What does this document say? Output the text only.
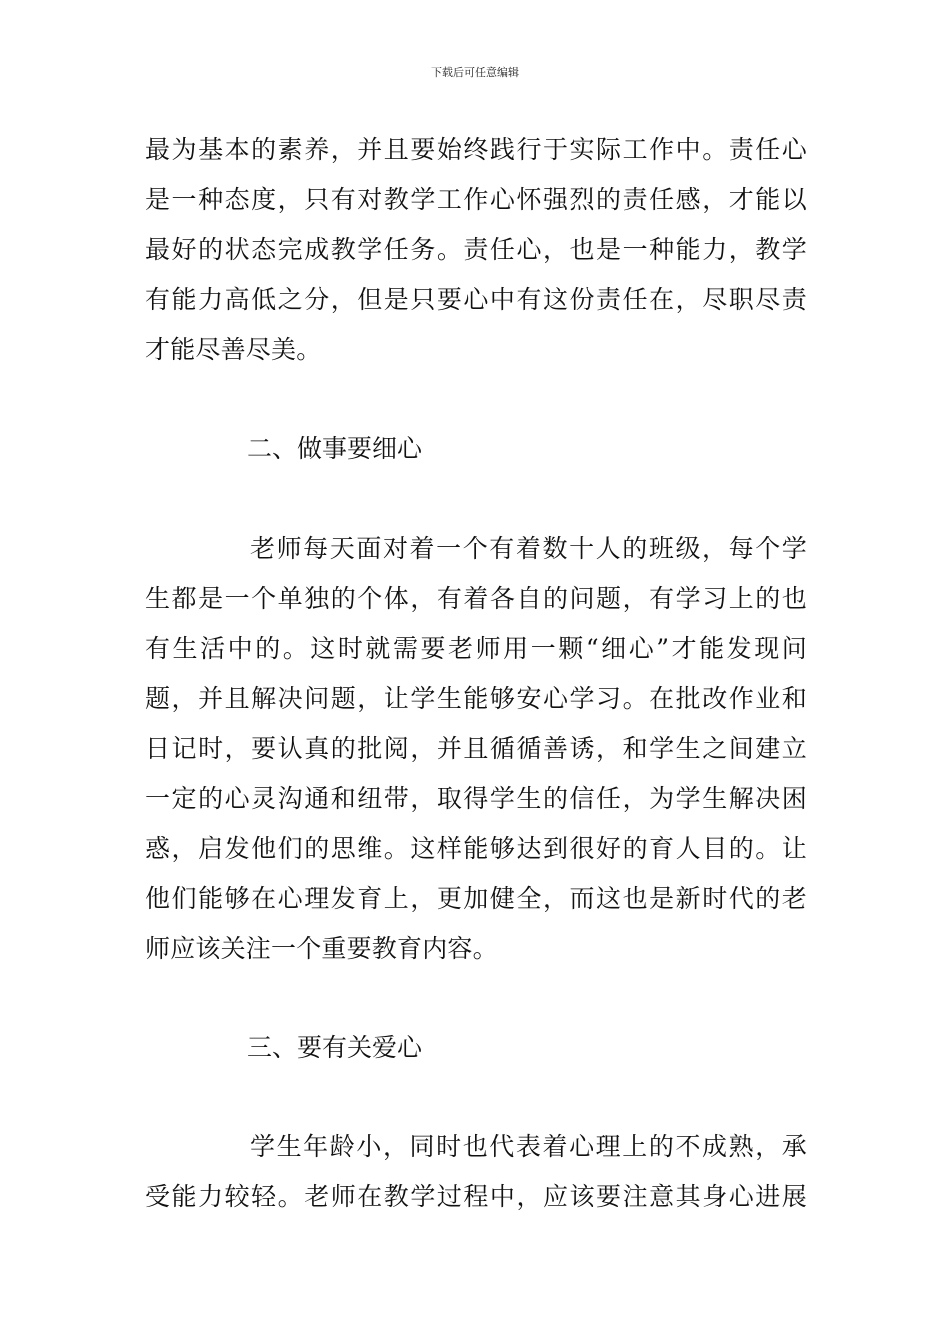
下载后可任意编辑
最为基本的素养，并且要始终践行于实际工作中。责任心
是一种态度，只有对教学工作心怀强烈的责任感，才能以
最好的状态完成教学任务。责任心，也是一种能力，教学
有能力高低之分，但是只要心中有这份责任在，尽职尽责
才能尽善尽美。
二、做事要细心
老师每天面对着一个有着数十人的班级，每个学
生都是一个单独的个体，有着各自的问题，有学习上的也
有生活中的。这时就需要老师用一颗“细心”才能发现问
题，并且解决问题，让学生能够安心学习。在批改作业和
日记时，要认真的批阅，并且循循善诱，和学生之间建立
一定的心灵沟通和纽带，取得学生的信任，为学生解决困
惑，启发他们的思维。这样能够达到很好的育人目的。让
他们能够在心理发育上，更加健全，而这也是新时代的老
师应该关注一个重要教育内容。
三、要有关爱心
学生年龄小，同时也代表着心理上的不成熟，承
受能力较轻。老师在教学过程中，应该要注意其身心进展
